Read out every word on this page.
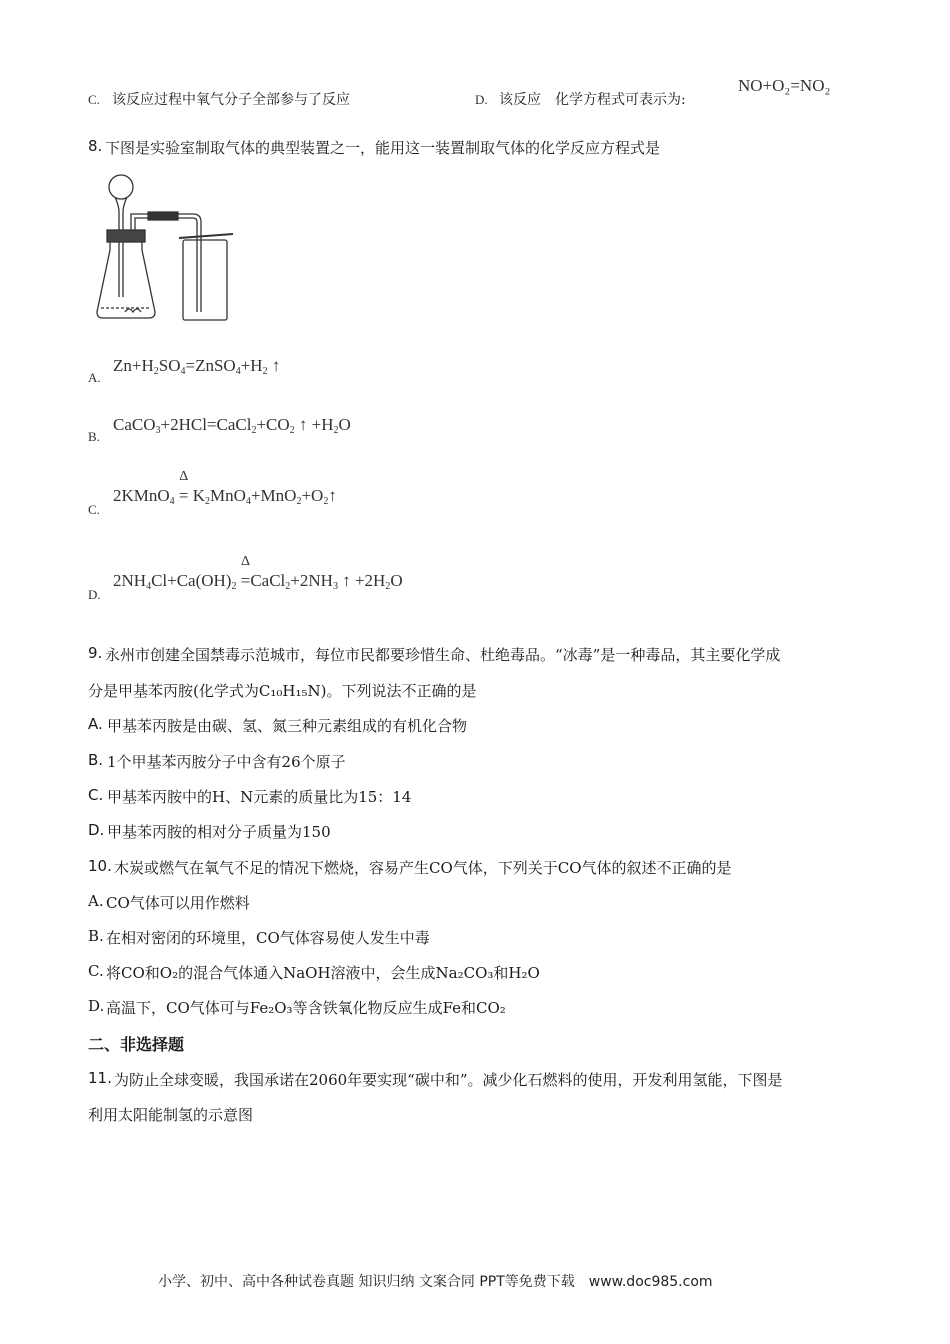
C. 该反应过程中氧气分子全部参与了反应	D. 该反应　化学方程式可表示为:
NO+O₂=NO₂
8. 下图是实验室制取气体的典型装置之一，能用这一装置制取气体的化学反应方程式是
A.
$Zn+H_2SO_4=ZnSO_4+H_2$ ↑
B.
$CaCO_3+2HCl=CaCl_2+CO_2$ ↑ $+H_2O$
C.
2KMnO$_4$
Δ
= $K_2MnO_4+MnO_2+O_2↑$
D.
$2NH_4Cl+Ca(OH)_2$
Δ
$=CaCl_2+2NH_3$ ↑ $+2H_2O$
9. 永州市创建全国禁毒示范城市，每位市民都要珍惜生命、杜绝毒品。“冰毒”是一种毒品，其主要化学成
分是甲基苯丙胺(化学式为C₁₀H₁₅N)。下列说法不正确的是
A. 甲基苯丙胺是由碳、氢、氮三种元素组成的有机化合物
B. 1个甲基苯丙胺分子中含有26个原子
C. 甲基苯丙胺中的H、N元素的质量比为15：14
D. 甲基苯丙胺的相对分子质量为150
10. 木炭或燃气在氧气不足的情况下燃烧，容易产生CO气体，下列关于CO气体的叙述不正确的是
A. CO气体可以用作燃料
B. 在相对密闭的环境里，CO气体容易使人发生中毒
C. 将CO和O₂的混合气体通入NaOH溶液中，会生成Na₂CO₃和H₂O
D. 高温下，CO气体可与Fe₂O₃等含铁氧化物反应生成Fe和CO₂
二、非选择题
11. 为防止全球变暖，我国承诺在2060年要实现“碳中和”。减少化石燃料的使用，开发利用氢能，下图是
利用太阳能制氢的示意图
小学、初中、高中各种试卷真题 知识归纳 文案合同 PPT等免费下载　www.doc985.com
